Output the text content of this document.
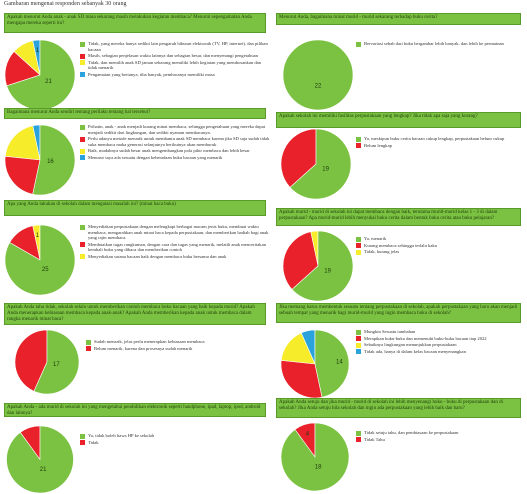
Gambaran mengenai responden sebanyak 30 orang
Apakah menurut Anda anak - anak SD masa sekarang masih melakukan kegiatan membaca? Menurut sepengamatan Anda mengapa mereka seperti itu?
1
21
Tidak, yang mereka hanya sedikit lain pengaruh hiburan elektronik (TV, HP, internet), dan pilihan bacaan
Masih, sebagian penjelasan waktu lainnya dan sebagian besar, dan menyenangi pengetahuan
Tidak, dan memilih anak SD jaman sekarang memiliki lebih kegiatan yang membosankan dan tidak menarik
Pengamatan yang bertanya, tiba banyak, pembacanya memiliki masa
Menurut Anda, bagaimana minat murid - murid sekarang terhadap buku cerita?
22
Bervariasi sebab dari buku bergambar lebih banyak, dan lebih ke permainan
Bagaimana menurut Anda sendiri tentang perilaku tentang hal tersebut?
16
Prihatin, anak - anak menjadi kurang minat membaca, sehingga pengetahuan yang mereka dapat menjadi sedikit dari lingkungan, dan sedikit nyaman membacanya.
Perlu adanya metode menarik untuk membantu anak SD membaca karena jika SD saja sudah tidak suka membaca maka generasi selanjutnya berikutnya akan memburuk
Baik, mudahnya sudah besar anak mengembangkan pola pikir membaca dan lebih besar
Menurut saya ada sesuatu dengan keberadaan buku bacaan yang menarik
Apakah sekolah ini memiliki fasilitas perpustakaan yang lengkap? Jika tidak apa saja yang kurang?
19
Ya, meskipun buku cerita bacaan cukup lengkap, perpustakaan belum cukup
Belum lengkap
Apa yang Anda lakukan di sekolah dalam mengatasi masalah ini? (minat baca buku)
1
25
Menyediakan perpustakaan dengan melengkapi berbagai macam jenis buku, membuat waktu membaca, mengarahkan anak minat baca kepada perpustakaan, dan memberikan hadiah bagi anak yang rajin membaca.
Membuatkan tugas rangkuman, dengan cara dan tugas yang menarik, melatih anak menceritakan kembali buku yang dibaca dan memberikan contoh
Menyediakan sarana bacaan baik dengan membaca buku bersama dan anak
Apakah murid - murid di sekolah ini dapat membaca dengan baik, terutama murid-murid kelas 1 - 3 di dalam perpustakaan? Apa murid-murid lebih menyukai buku cerita dalam bentuk buku cerita atau buku pelajaran?
19
Ya, menarik
Kurang membaca sehingga terlalu kaku
Tidak, kurang jelas
Apakah Anda tahu tidak, sekolah selalu untuk memberikan contoh membaca buku bacaan yang baik kepada murid? Apakah Anda menerapkan kebiasaan membaca kepada anak-anak? Apakah Anda memberikan kepada anak untuk membaca dalam rangka menarik minat baca?
17
Sudah menarik, jelas perlu menerapkan kebiasaan membaca
Belum menarik, karena dan prosesnya sudah menarik
Jika memang harus membentuk sesuatu tentang perpustakaan di sekolah, apakah perpustakaan yang baru akan menjadi sebuah tempat yang menarik bagi murid-murid yang ingin membaca buku di sekolah?
14
Mungkin Sesuatu tambahan
Merapikan buku-buku dan memenuhi buku-buku bacaan tiap 2022
Sebaiknya lingkungan menunjukkan perpustakaan
Tidak ada, hanya di dalam kelas bacaan menyenangkan
Apakah Anda - ada murid di sekolah ini yang mengetahui pendidikan elektronik seperti handphone, ipad, laptop, ipod, android dan lainnya?
21
Ya, tidak boleh bawa HP ke sekolah
Tidak
Apakah Anda setuju dan jika murid - murid di sekolah ini lebih menyenangi buku - buku di perpustakaan dan di sekolah? Jika Anda setuju bila sekolah dan ingin ada perpustakaan yang lebih baik dan baru?
4
18
Tidak setuju tahu, dan pembiasaan ke perpustakaan
Tidak Tahu
